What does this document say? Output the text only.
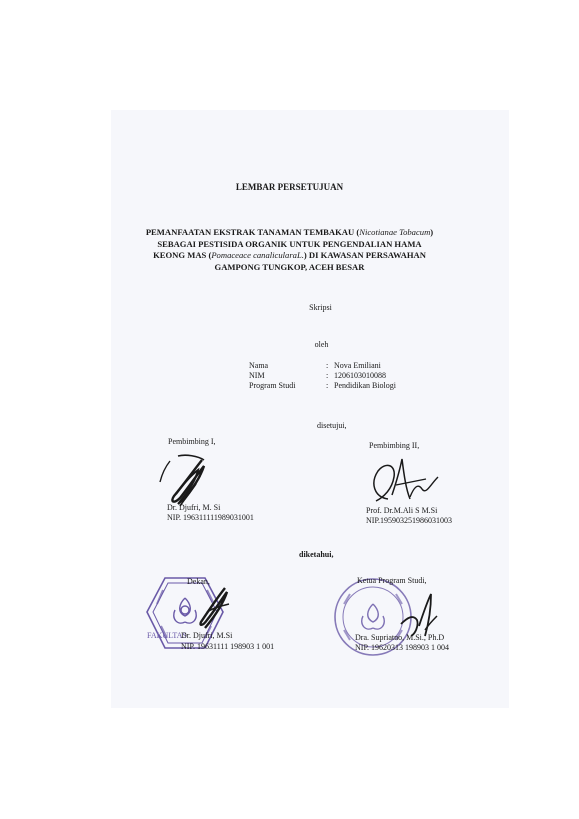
LEMBAR PERSETUJUAN
PEMANFAATAN EKSTRAK TANAMAN TEMBAKAU (Nicotianae Tobacum)
SEBAGAI PESTISIDA ORGANIK UNTUK PENGENDALIAN HAMA
KEONG MAS (Pomaceace canalicularaL.) DI KAWASAN PERSAWAHAN
GAMPONG TUNGKOP, ACEH BESAR
Skripsi
oleh
Nama	: Nova Emiliani
NIM	: 1206103010088
Program Studi	: Pendidikan Biologi
disetujui,
Pembimbing I,
Dr. Djufri, M. Si
NIP. 196311111989031001
Pembimbing II,
Prof. Dr.M.Ali S M.Si
NIP.195903251986031003
diketahui,
Dekan,
FAKULTAS
Dr. Djufri, M.Si
NIP. 19631111 198903 1 001
Ketua Program Studi,
Dra. Supriatno, M.Si., Ph.D
NIP. 19620313 198903 1 004
